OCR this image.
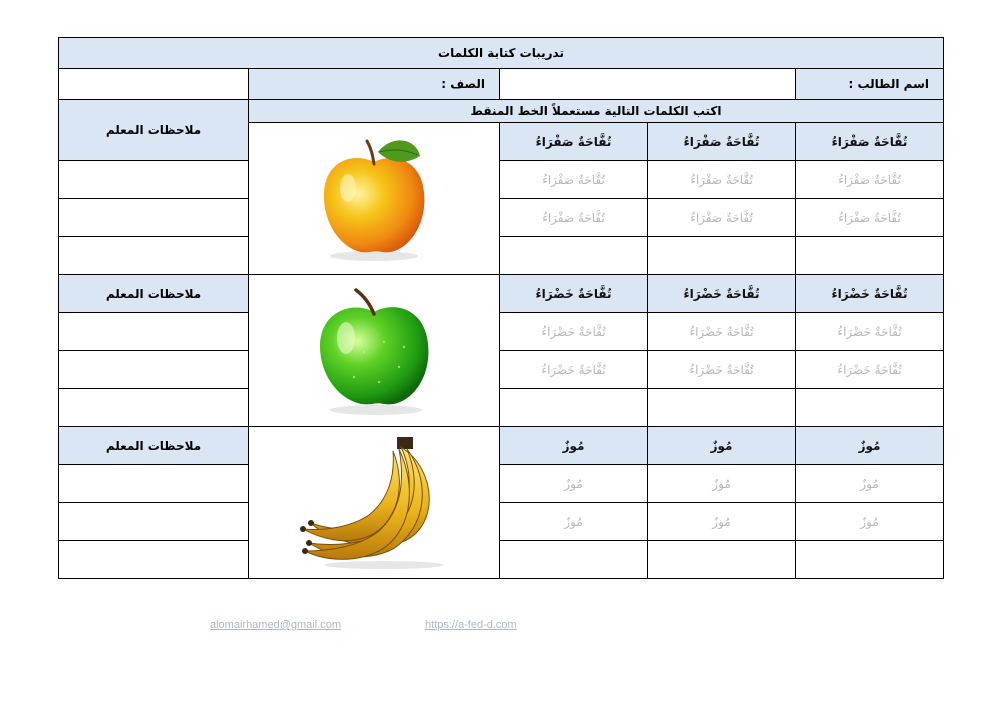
تدريبات كتابة الكلمات				
اسم الطالب :			الصف :	
اكتب الكلمات التالية مستعملاً الخط المنقط				ملاحظات المعلم
تُفَّاحَةٌ صَفْرَاءُ	تُفَّاحَةٌ صَفْرَاءُ	تُفَّاحَةٌ صَفْرَاءُ	
تُفَّاحَةٌ صَفْرَاءُ	تُفَّاحَةٌ صَفْرَاءُ	تُفَّاحَةٌ صَفْرَاءُ		
تُفَّاحَةٌ صَفْرَاءُ	تُفَّاحَةٌ صَفْرَاءُ	تُفَّاحَةٌ صَفْرَاءُ		

تُفَّاحَةٌ خَضْرَاءُ	تُفَّاحَةٌ خَضْرَاءُ	تُفَّاحَةٌ خَضْرَاءُ		ملاحظات المعلم
تُفَّاحَةٌ خَضْرَاءُ	تُفَّاحَةٌ خَضْرَاءُ	تُفَّاحَةٌ خَضْرَاءُ		
تُفَّاحَةٌ خَضْرَاءُ	تُفَّاحَةٌ خَضْرَاءُ	تُفَّاحَةٌ خَضْرَاءُ		

مُوزٌ	مُوزٌ	مُوزٌ		ملاحظات المعلم
مُوزٌ	مُوزٌ	مُوزٌ		
مُوزٌ	مُوزٌ	مُوزٌ		

alomairhamed@gmail.com	https://a-fed-d.com
